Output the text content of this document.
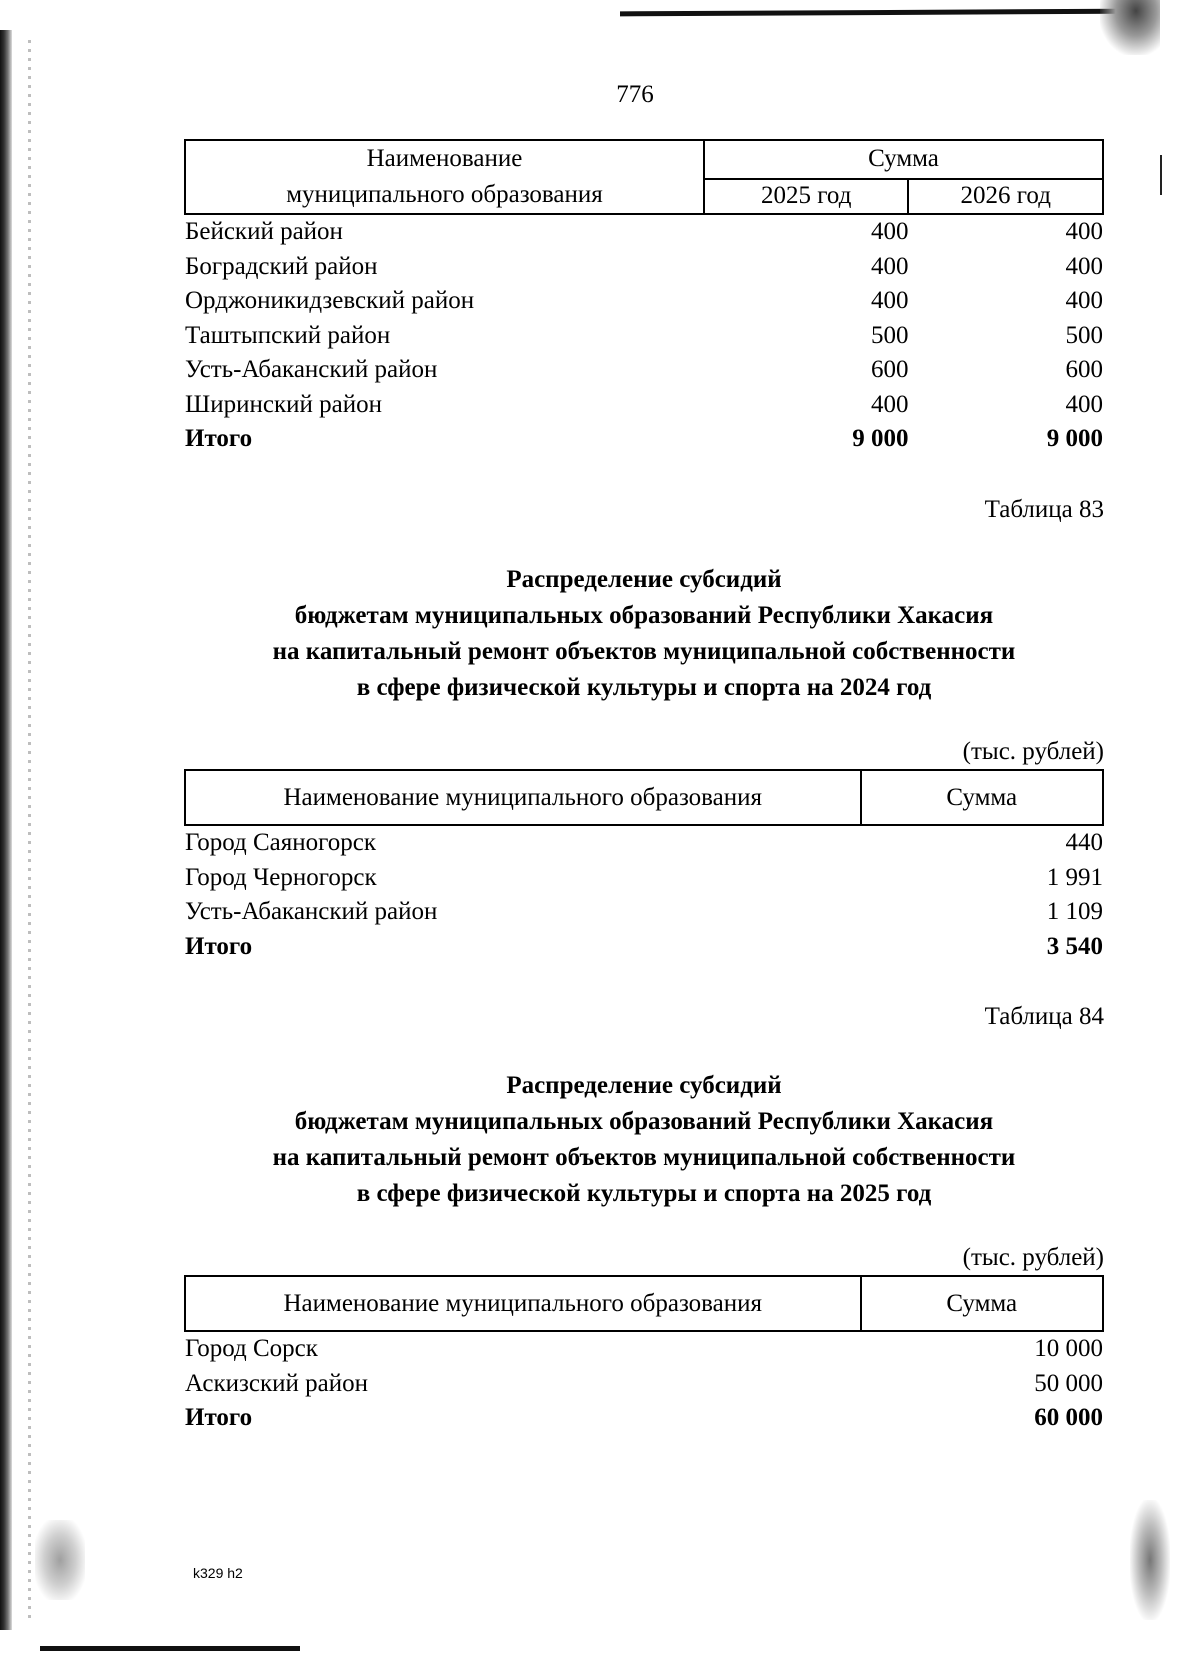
776
Наименование
муниципального образования	Сумма	
	2025 год	2026 год
Бейский район	400	400
Боградский район	400	400
Орджоникидзевский район	400	400
Таштыпский район	500	500
Усть-Абаканский район	600	600
Ширинский район	400	400
Итого	9 000	9 000
Таблица 83
Распределение субсидий
бюджетам муниципальных образований Республики Хакасия
на капитальный ремонт объектов муниципальной собственности
в сфере физической культуры и спорта на 2024 год
(тыс. рублей)
Наименование муниципального образования	Сумма
Город Саяногорск	440
Город Черногорск	1 991
Усть-Абаканский район	1 109
Итого	3 540
Таблица 84
Распределение субсидий
бюджетам муниципальных образований Республики Хакасия
на капитальный ремонт объектов муниципальной собственности
в сфере физической культуры и спорта на 2025 год
(тыс. рублей)
Наименование муниципального образования	Сумма
Город Сорск	10 000
Аскизский район	50 000
Итого	60 000
k329 h2
